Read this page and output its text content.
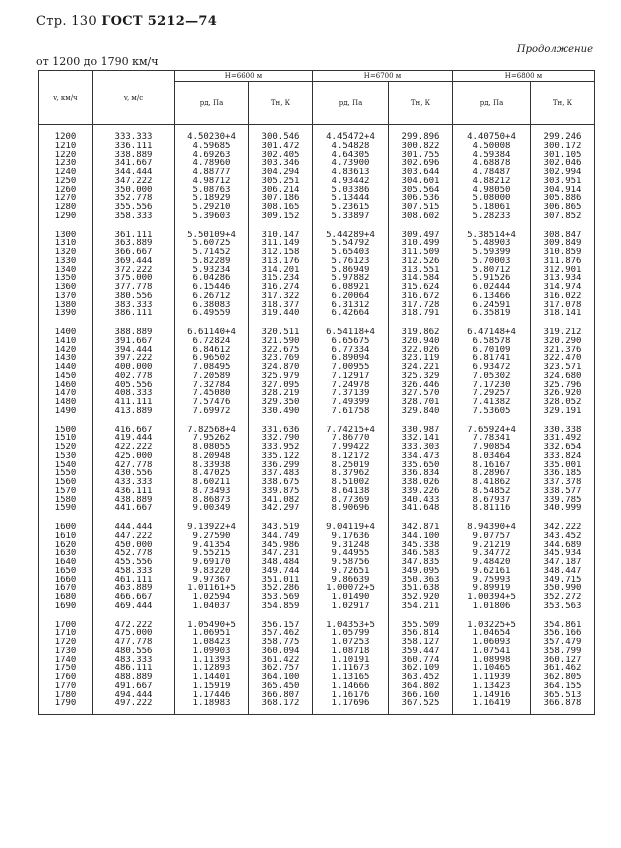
Стр. 130 ГОСТ 5212—74
Продолжение
от 1200 до 1790 км/ч
v, км/ч	v, м/с	H=6600 м		H=6700 м		H=6800 м	
		pд, Па	Tн, К	pд, Па	Tн, К	pд, Па	Tн, К
1200	333.333	4.50230+4	300.546	4.45472+4	299.896	4.40750+4	299.246
1210	336.111	4.59685	301.472	4.54828	300.822	4.50008	300.172
1220	338.889	4.69263	302.405	4.64305	301.755	4.59384	301.105
1230	341.667	4.78960	303.346	4.73900	302.696	4.68878	302.046
1240	344.444	4.88777	304.294	4.83613	303.644	4.78487	302.994
1250	347.222	4.98712	305.251	4.93442	304.601	4.88212	303.951
1260	350.000	5.08763	306.214	5.03386	305.564	4.98050	304.914
1270	352.778	5.18929	307.186	5.13444	306.536	5.08000	305.886
1280	355.556	5.29210	308.165	5.23615	307.515	5.18061	306.865
1290	358.333	5.39603	309.152	5.33897	308.602	5.28233	307.852

1300	361.111	5.50109+4	310.147	5.44289+4	309.497	5.38514+4	308.847
1310	363.889	5.60725	311.149	5.54792	310.499	5.48903	309.849
1320	366.667	5.71452	312.158	5.65403	311.509	5.59399	310.859
1330	369.444	5.82289	313.176	5.76123	312.526	5.70003	311.876
1340	372.222	5.93234	314.201	5.86949	313.551	5.80712	312.901
1350	375.000	6.04286	315.234	5.97882	314.584	5.91526	313.934
1360	377.778	6.15446	316.274	6.08921	315.624	6.02444	314.974
1370	380.556	6.26712	317.322	6.20064	316.672	6.13466	316.022
1380	383.333	6.38083	318.377	6.31312	317.728	6.24591	317.078
1390	386.111	6.49559	319.440	6.42664	318.791	6.35819	318.141

1400	388.889	6.61140+4	320.511	6.54118+4	319.862	6.47148+4	319.212
1410	391.667	6.72824	321.590	6.65675	320.940	6.58578	320.290
1420	394.444	6.84612	322.675	6.77334	322.026	6.70109	321.376
1430	397.222	6.96502	323.769	6.89094	323.119	6.81741	322.470
1440	400.000	7.08495	324.870	7.00955	324.221	6.93472	323.571
1450	402.778	7.20589	325.979	7.12917	325.329	7.05302	324.680
1460	405.556	7.32784	327.095	7.24978	326.446	7.17230	325.796
1470	408.333	7.45080	328.219	7.37139	327.570	7.29257	326.920
1480	411.111	7.57476	329.350	7.49399	328.701	7.41382	328.052
1490	413.889	7.69972	330.490	7.61758	329.840	7.53605	329.191

1500	416.667	7.82568+4	331.636	7.74215+4	330.987	7.65924+4	330.338
1510	419.444	7.95262	332.790	7.86770	332.141	7.78341	331.492
1520	422.222	8.08055	333.952	7.99422	333.303	7.90854	332.654
1530	425.000	8.20948	335.122	8.12172	334.473	8.03464	333.824
1540	427.778	8.33938	336.299	8.25019	335.650	8.16167	335.001
1550	430.556	8.47025	337.483	8.37962	336.834	8.28967	336.185
1560	433.333	8.60211	338.675	8.51002	338.026	8.41862	337.378
1570	436.111	8.73493	339.875	8.64138	339.226	8.54852	338.577
1580	438.889	8.86873	341.082	8.77369	340.433	8.67937	339.785
1590	441.667	9.00349	342.297	8.90696	341.648	8.81116	340.999

1600	444.444	9.13922+4	343.519	9.04119+4	342.871	8.94390+4	342.222
1610	447.222	9.27590	344.749	9.17636	344.100	9.07757	343.452
1620	450.000	9.41354	345.986	9.31248	345.338	9.21219	344.689
1630	452.778	9.55215	347.231	9.44955	346.583	9.34772	345.934
1640	455.556	9.69170	348.484	9.58756	347.835	9.48420	347.187
1650	458.333	9.83220	349.744	9.72651	349.095	9.62161	348.447
1660	461.111	9.97367	351.011	9.86639	350.363	9.75993	349.715
1670	463.889	1.01161+5	352.286	1.00072+5	351.638	9.89919	350.990
1680	466.667	1.02594	353.569	1.01490	352.920	1.00394+5	352.272
1690	469.444	1.04037	354.859	1.02917	354.211	1.01806	353.563

1700	472.222	1.05490+5	356.157	1.04353+5	355.509	1.03225+5	354.861
1710	475.000	1.06951	357.462	1.05799	356.814	1.04654	356.166
1720	477.778	1.08423	358.775	1.07253	358.127	1.06093	357.479
1730	480.556	1.09903	360.094	1.08718	359.447	1.07541	358.799
1740	483.333	1.11393	361.422	1.10191	360.774	1.08998	360.127
1750	486.111	1.12893	362.757	1.11673	362.109	1.10465	361.462
1760	488.889	1.14401	364.100	1.13165	363.452	1.11939	362.805
1770	491.667	1.15919	365.450	1.14666	364.802	1.13423	364.155
1780	494.444	1.17446	366.807	1.16176	366.160	1.14916	365.513
1790	497.222	1.18983	368.172	1.17696	367.525	1.16419	366.878
